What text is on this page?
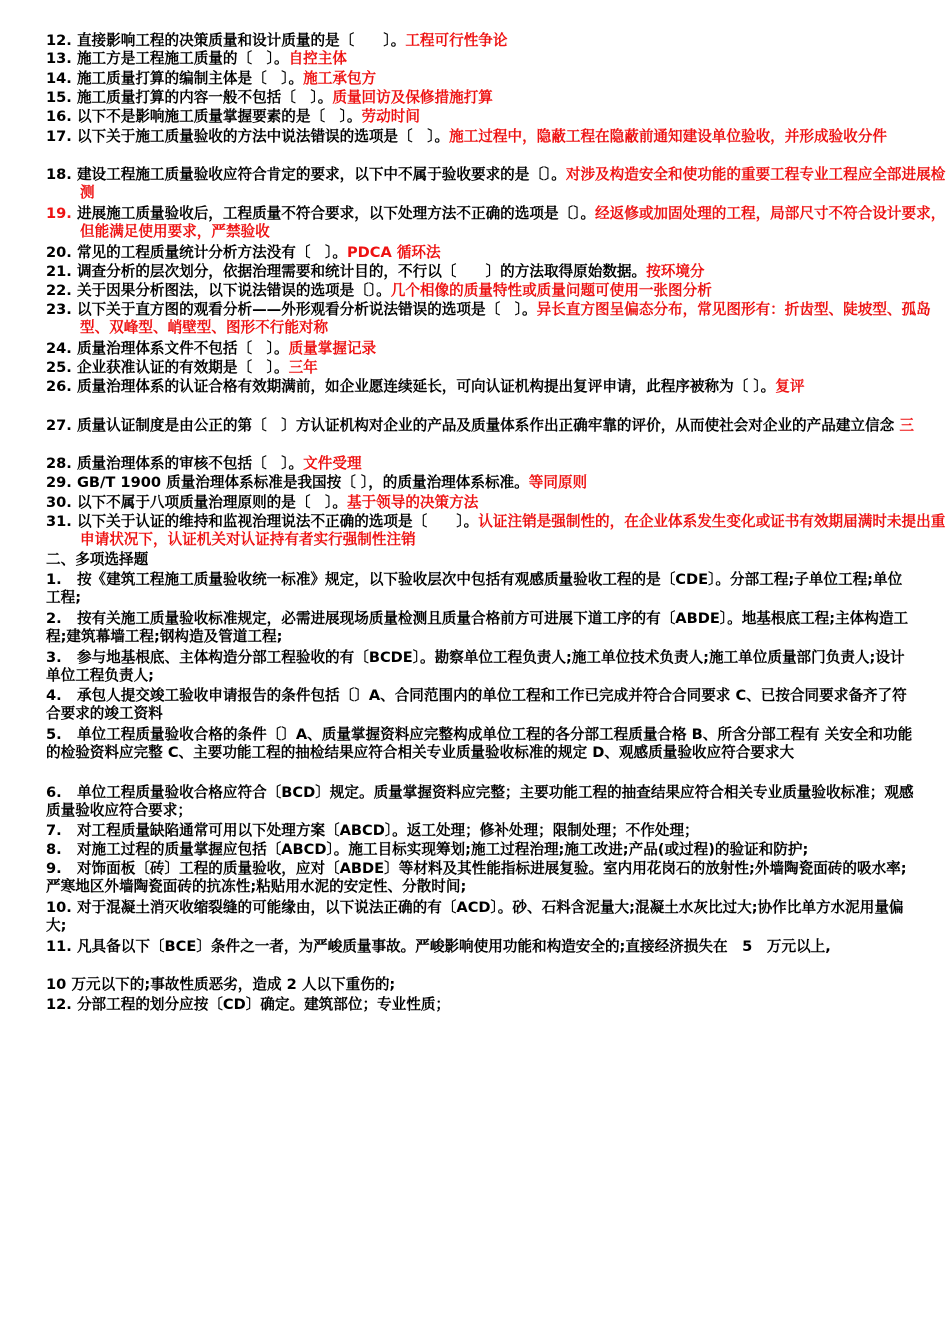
12. 直接影响工程的决策质量和设计质量的是〔　　〕。工程可行性争论
13. 施工方是工程施工质量的〔　〕。自控主体
14. 施工质量打算的编制主体是〔　〕。施工承包方
15. 施工质量打算的内容一般不包括〔　〕。质量回访及保修措施打算
16. 以下不是影响施工质量掌握要素的是〔　〕。劳动时间
17. 以下关于施工质量验收的方法中说法错误的选项是〔　〕。施工过程中，隐蔽工程在隐蔽前通知建设单位验收，并形成验收分件
18. 建设工程施工质量验收应符合肯定的要求，以下中不属于验收要求的是〔〕。对涉及构造安全和使功能的重要工程专业工程应全部进展检测
19. 进展施工质量验收后，工程质量不符合要求，以下处理方法不正确的选项是〔〕。经返修或加固处理的工程，局部尺寸不符合设计要求，但能满足使用要求，严禁验收
20. 常见的工程质量统计分析方法没有〔　〕。PDCA 循环法
21. 调查分析的层次划分，依据治理需要和统计目的，不行以〔　　〕的方法取得原始数据。按环境分
22. 关于因果分析图法，以下说法错误的选项是〔〕。几个相像的质量特性或质量问题可使用一张图分析
23. 以下关于直方图的观看分析——外形观看分析说法错误的选项是〔　〕。异长直方图呈偏态分布，常见图形有：折齿型、陡坡型、孤岛型、双峰型、峭壁型、图形不行能对称
24. 质量治理体系文件不包括〔　〕。质量掌握记录
25. 企业获准认证的有效期是〔　〕。三年
26. 质量治理体系的认证合格有效期满前，如企业愿连续延长，可向认证机构提出复评申请，此程序被称为〔 〕。复评
27. 质量认证制度是由公正的第〔　〕方认证机构对企业的产品及质量体系作出正确牢靠的评价，从而使社会对企业的产品建立信念 三
28. 质量治理体系的审核不包括〔　〕。文件受理
29. GB/T 1900 质量治理体系标准是我国按〔 〕，的质量治理体系标准。等同原则
30. 以下不属于八项质量治理原则的是〔　〕。基于领导的决策方法
31. 以下关于认证的维持和监视治理说法不正确的选项是〔　　〕。认证注销是强制性的，在企业体系发生变化或证书有效期届满时未提出重申请状况下，认证机关对认证持有者实行强制性注销
二、多项选择题
1. 按《建筑工程施工质量验收统一标准》规定，以下验收层次中包括有观感质量验收工程的是〔CDE〕。分部工程;子单位工程;单位工程;
2. 按有关施工质量验收标准规定，必需进展现场质量检测且质量合格前方可进展下道工序的有〔ABDE〕。地基根底工程;主体构造工程;建筑幕墙工程;钢构造及管道工程;
3. 参与地基根底、主体构造分部工程验收的有〔BCDE〕。勘察单位工程负责人;施工单位技术负责人;施工单位质量部门负责人;设计单位工程负责人;
4. 承包人提交竣工验收申请报告的条件包括〔〕A、合同范围内的单位工程和工作已完成并符合合同要求 C、已按合同要求备齐了符合要求的竣工资料
5. 单位工程质量验收合格的条件〔〕A、质量掌握资料应完整构成单位工程的各分部工程质量合格 B、所含分部工程有 关安全和功能的检验资料应完整 C、主要功能工程的抽检结果应符合相关专业质量验收标准的规定 D、观感质量验收应符合要求大
6. 单位工程质量验收合格应符合〔BCD〕规定。质量掌握资料应完整；主要功能工程的抽查结果应符合相关专业质量验收标准；观感质量验收应符合要求；
7. 对工程质量缺陷通常可用以下处理方案〔ABCD〕。返工处理；修补处理；限制处理；不作处理；
8. 对施工过程的质量掌握应包括〔ABCD〕。施工目标实现筹划;施工过程治理;施工改进;产品(或过程)的验证和防护;
9. 对饰面板〔砖〕工程的质量验收，应对〔ABDE〕等材料及其性能指标进展复验。室内用花岗石的放射性;外墙陶瓷面砖的吸水率;严寒地区外墙陶瓷面砖的抗冻性;粘贴用水泥的安定性、分散时间;
10. 对于混凝土消灭收缩裂缝的可能缘由，以下说法正确的有〔ACD〕。砂、石料含泥量大;混凝土水灰比过大;协作比单方水泥用量偏大;
11. 凡具备以下〔BCE〕条件之一者，为严峻质量事故。严峻影响使用功能和构造安全的;直接经济损失在　5　万元以上,
10 万元以下的;事故性质恶劣，造成 2 人以下重伤的;
12. 分部工程的划分应按〔CD〕确定。建筑部位；专业性质；
